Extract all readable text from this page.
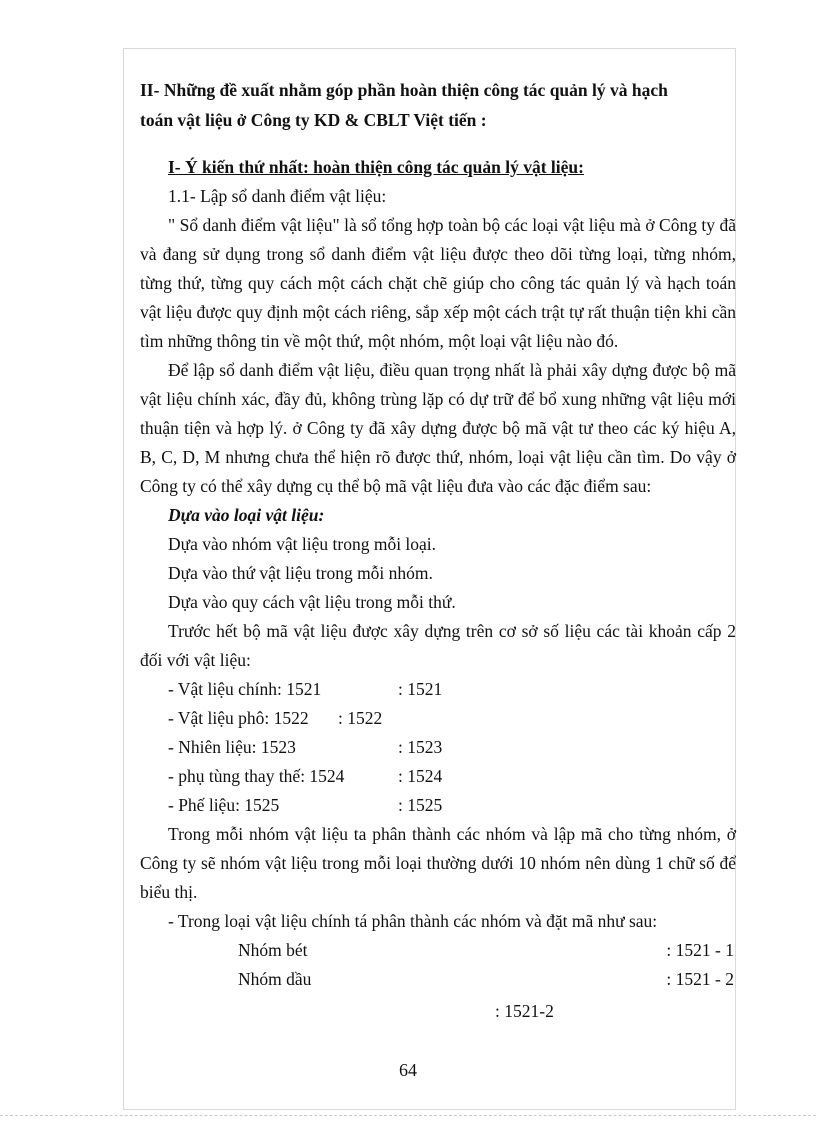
II- Những đề xuất nhằm góp phần hoàn thiện công tác quản lý và hạch

toán vật liệu ở Công ty KD & CBLT Việt tiến :

I- Ý kiến thứ nhất: hoàn thiện công tác quản lý vật liệu:

1.1- Lập sổ danh điểm vật liệu:

" Sổ danh điểm vật liệu" là sổ tổng hợp toàn bộ các loại vật liệu mà ở Công ty đã và đang sử dụng trong sổ danh điểm vật liệu được theo dõi từng loại, từng nhóm, từng thứ, từng quy cách một cách chặt chẽ giúp cho công tác quản lý và hạch toán vật liệu được quy định một cách riêng, sắp xếp một cách trật tự rất thuận tiện khi cần tìm những thông tin về một thứ, một nhóm, một loại vật liệu nào đó.

Để lập sổ danh điểm vật liệu, điều quan trọng nhất là phải xây dựng được bộ mã vật liệu chính xác, đầy đủ, không trùng lặp có dự trữ để bổ xung những vật liệu mới thuận tiện và hợp lý. ở Công ty đã xây dựng được bộ mã vật tư theo các ký hiệu A, B, C, D, M nhưng chưa thể hiện rõ được thứ, nhóm, loại vật liệu cần tìm. Do vậy ở Công ty có thể xây dựng cụ thể bộ mã vật liệu đưa vào các đặc điểm sau:

Dựa vào loại vật liệu:

Dựa vào nhóm vật liệu trong mỗi loại.

Dựa vào thứ vật liệu trong mỗi nhóm.

Dựa vào quy cách vật liệu trong mỗi thứ.

Trước hết bộ mã vật liệu được xây dựng trên cơ sở số liệu các tài khoản cấp 2 đối với vật liệu:

- Vật liệu chính: 1521	: 1521
- Vật liệu phô: 1522	: 1522
- Nhiên liệu: 1523	: 1523
- phụ tùng thay thế: 1524	: 1524
- Phế liệu: 1525	: 1525

Trong mỗi nhóm vật liệu ta phân thành các nhóm và lập mã cho từng nhóm, ở Công ty sẽ nhóm vật liệu trong mỗi loại thường dưới 10 nhóm nên dùng 1 chữ số để biểu thị.

- Trong loại vật liệu chính tá phân thành các nhóm và đặt mã như sau:

Nhóm bét	: 1521 - 1
Nhóm dầu	: 1521 - 2

: 1521-2

64
